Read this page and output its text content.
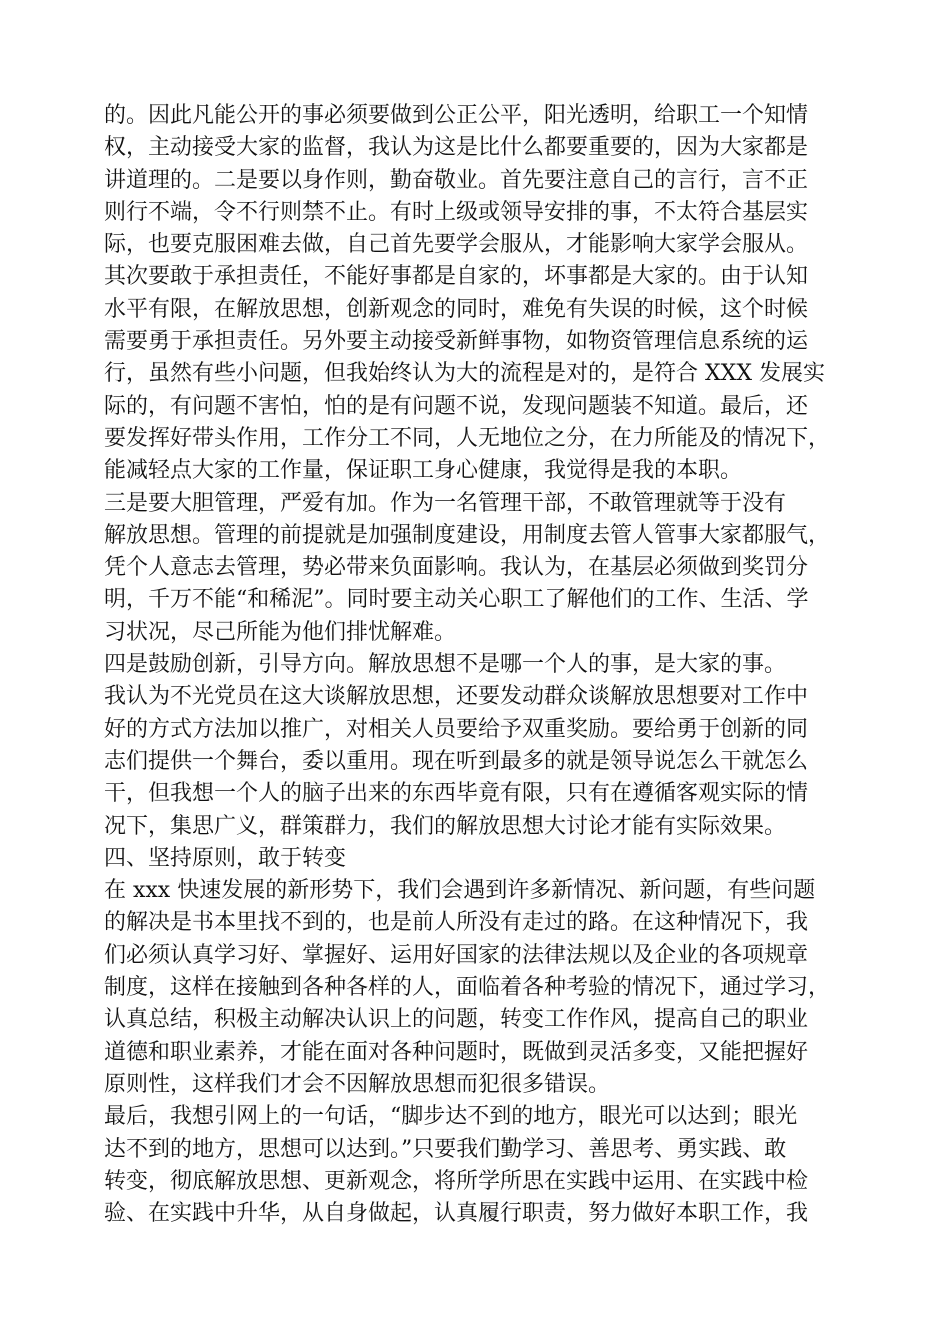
的。因此凡能公开的事必须要做到公正公平，阳光透明，给职工一个知情
权，主动接受大家的监督，我认为这是比什么都要重要的，因为大家都是
讲道理的。二是要以身作则，勤奋敬业。首先要注意自己的言行，言不正
则行不端，令不行则禁不止。有时上级或领导安排的事，不太符合基层实
际，也要克服困难去做，自己首先要学会服从，才能影响大家学会服从。
其次要敢于承担责任，不能好事都是自家的，坏事都是大家的。由于认知
水平有限，在解放思想，创新观念的同时，难免有失误的时候，这个时候
需要勇于承担责任。另外要主动接受新鲜事物，如物资管理信息系统的运
行，虽然有些小问题，但我始终认为大的流程是对的，是符合 XXX 发展实
际的，有问题不害怕，怕的是有问题不说，发现问题装不知道。最后，还
要发挥好带头作用，工作分工不同，人无地位之分，在力所能及的情况下，
能减轻点大家的工作量，保证职工身心健康，我觉得是我的本职。
三是要大胆管理，严爱有加。作为一名管理干部，不敢管理就等于没有
解放思想。管理的前提就是加强制度建设，用制度去管人管事大家都服气，
凭个人意志去管理，势必带来负面影响。我认为，在基层必须做到奖罚分
明，千万不能“和稀泥”。同时要主动关心职工了解他们的工作、生活、学
习状况，尽己所能为他们排忧解难。
四是鼓励创新，引导方向。解放思想不是哪一个人的事，是大家的事。
我认为不光党员在这大谈解放思想，还要发动群众谈解放思想要对工作中
好的方式方法加以推广，对相关人员要给予双重奖励。要给勇于创新的同
志们提供一个舞台，委以重用。现在听到最多的就是领导说怎么干就怎么
干，但我想一个人的脑子出来的东西毕竟有限，只有在遵循客观实际的情
况下，集思广义，群策群力，我们的解放思想大讨论才能有实际效果。
四、坚持原则，敢于转变
在 xxx 快速发展的新形势下，我们会遇到许多新情况、新问题，有些问题
的解决是书本里找不到的，也是前人所没有走过的路。在这种情况下，我
们必须认真学习好、掌握好、运用好国家的法律法规以及企业的各项规章
制度，这样在接触到各种各样的人，面临着各种考验的情况下，通过学习，
认真总结，积极主动解决认识上的问题，转变工作作风，提高自己的职业
道德和职业素养，才能在面对各种问题时，既做到灵活多变，又能把握好
原则性，这样我们才会不因解放思想而犯很多错误。
最后，我想引网上的一句话，“脚步达不到的地方，眼光可以达到；眼光
达不到的地方，思想可以达到。”只要我们勤学习、善思考、勇实践、敢
转变，彻底解放思想、更新观念，将所学所思在实践中运用、在实践中检
验、在实践中升华，从自身做起，认真履行职责，努力做好本职工作，我
